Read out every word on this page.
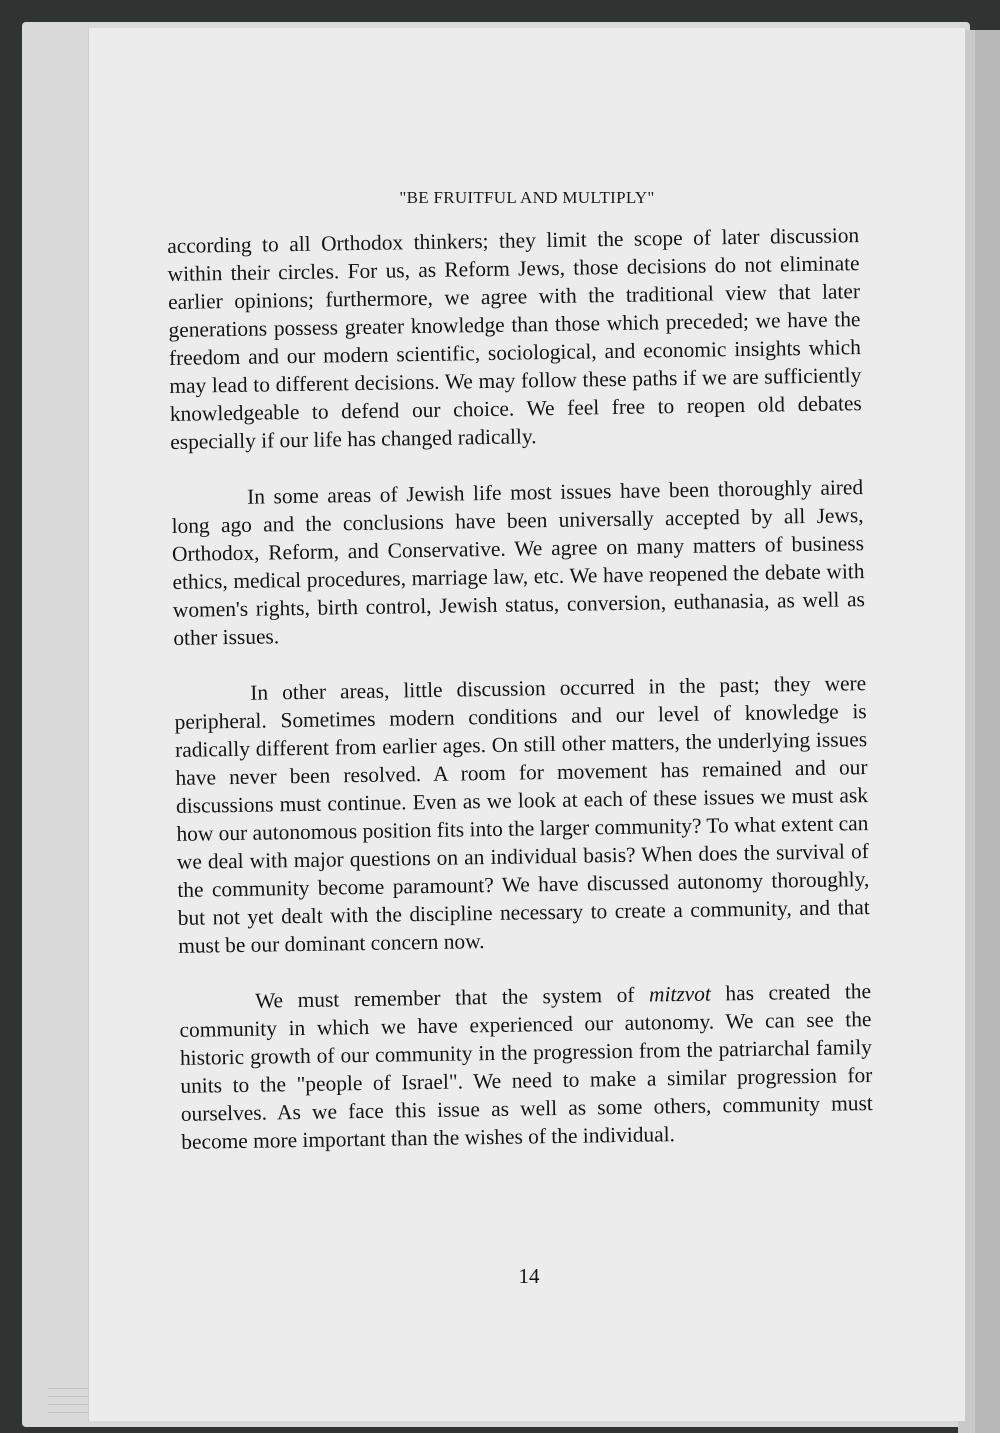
"BE FRUITFUL AND MULTIPLY"

according to all Orthodox thinkers; they limit the scope of later discussion within their circles. For us, as Reform Jews, those decisions do not eliminate earlier opinions; furthermore, we agree with the traditional view that later generations possess greater knowledge than those which preceded; we have the freedom and our modern scientific, sociological, and economic insights which may lead to different decisions. We may follow these paths if we are sufficiently knowledgeable to defend our choice. We feel free to reopen old debates especially if our life has changed radically.

In some areas of Jewish life most issues have been thoroughly aired long ago and the conclusions have been universally accepted by all Jews, Orthodox, Reform, and Conservative. We agree on many matters of business ethics, medical procedures, marriage law, etc. We have reopened the debate with women's rights, birth control, Jewish status, conversion, euthanasia, as well as other issues.

In other areas, little discussion occurred in the past; they were peripheral. Sometimes modern conditions and our level of knowledge is radically different from earlier ages. On still other matters, the underlying issues have never been resolved. A room for movement has remained and our discussions must continue. Even as we look at each of these issues we must ask how our autonomous position fits into the larger community? To what extent can we deal with major questions on an individual basis? When does the survival of the community become paramount? We have discussed autonomy thoroughly, but not yet dealt with the discipline necessary to create a community, and that must be our dominant concern now.

We must remember that the system of mitzvot has created the community in which we have experienced our autonomy. We can see the historic growth of our community in the progression from the patriarchal family units to the "people of Israel". We need to make a similar progression for ourselves. As we face this issue as well as some others, community must become more important than the wishes of the individual.

14
